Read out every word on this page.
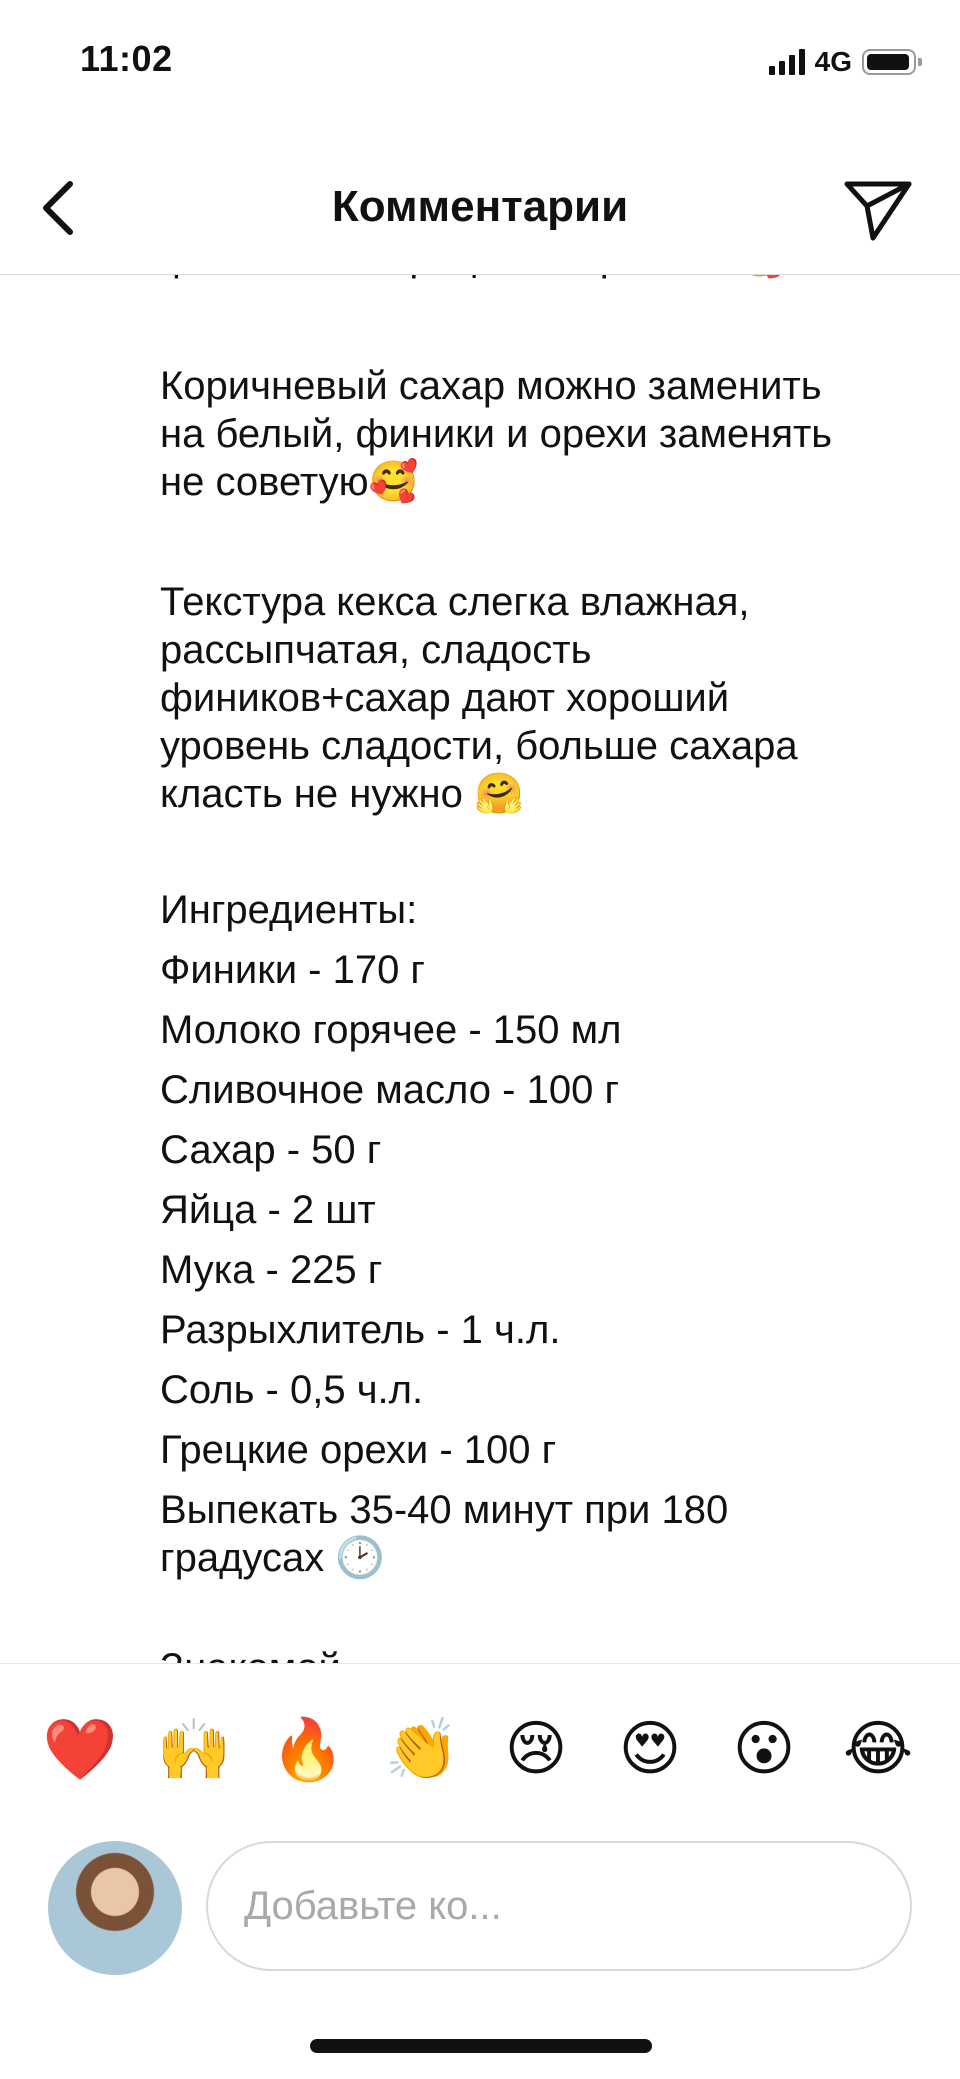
11:02	4G
Комментарии
Коричневый сахар можно заменить
на белый, финики и орехи заменять
не советую🥰
Текстура кекса слегка влажная,
рассыпчатая, сладость
фиников+сахар дают хороший
уровень сладости, больше сахара
класть не нужно 🤗
Ингредиенты:
Финики - 170 г
Молоко горячее - 150 мл
Сливочное масло - 100 г
Сахар - 50 г
Яйца - 2 шт
Мука - 225 г
Разрыхлитель - 1 ч.л.
Соль - 0,5 ч.л.
Грецкие орехи - 100 г
Выпекать 35-40 минут при 180
градусах 🕑
❤️ 🙌 🔥 👏 😢 😍 😮 😂
Добавьте ко...
